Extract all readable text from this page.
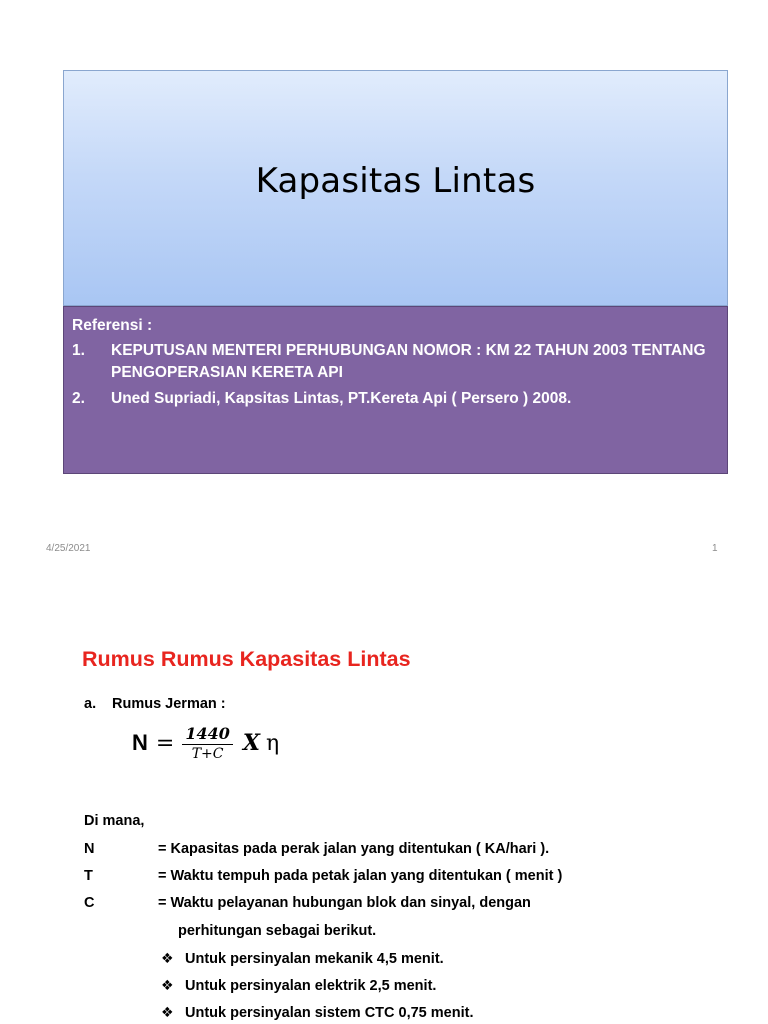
Kapasitas Lintas
Referensi :
1.	KEPUTUSAN MENTERI PERHUBUNGAN NOMOR : KM 22 TAHUN 2003 TENTANG PENGOPERASIAN KERETA API
2.	Uned Supriadi, Kapsitas Lintas, PT.Kereta Api ( Persero ) 2008.
4/25/2021	1
Rumus Rumus Kapasitas Lintas
a.	Rumus Jerman :
$N = \frac{1440}{T+C}$ X η
Di mana,
N	= Kapasitas pada perak jalan yang ditentukan ( KA/hari ).
T	= Waktu tempuh pada petak jalan yang ditentukan ( menit )
C	= Waktu pelayanan hubungan blok dan sinyal, dengan
perhitungan sebagai berikut.
❖ Untuk persinyalan mekanik 4,5 menit.
❖ Untuk persinyalan elektrik 2,5 menit.
❖ Untuk persinyalan sistem CTC 0,75 menit.
